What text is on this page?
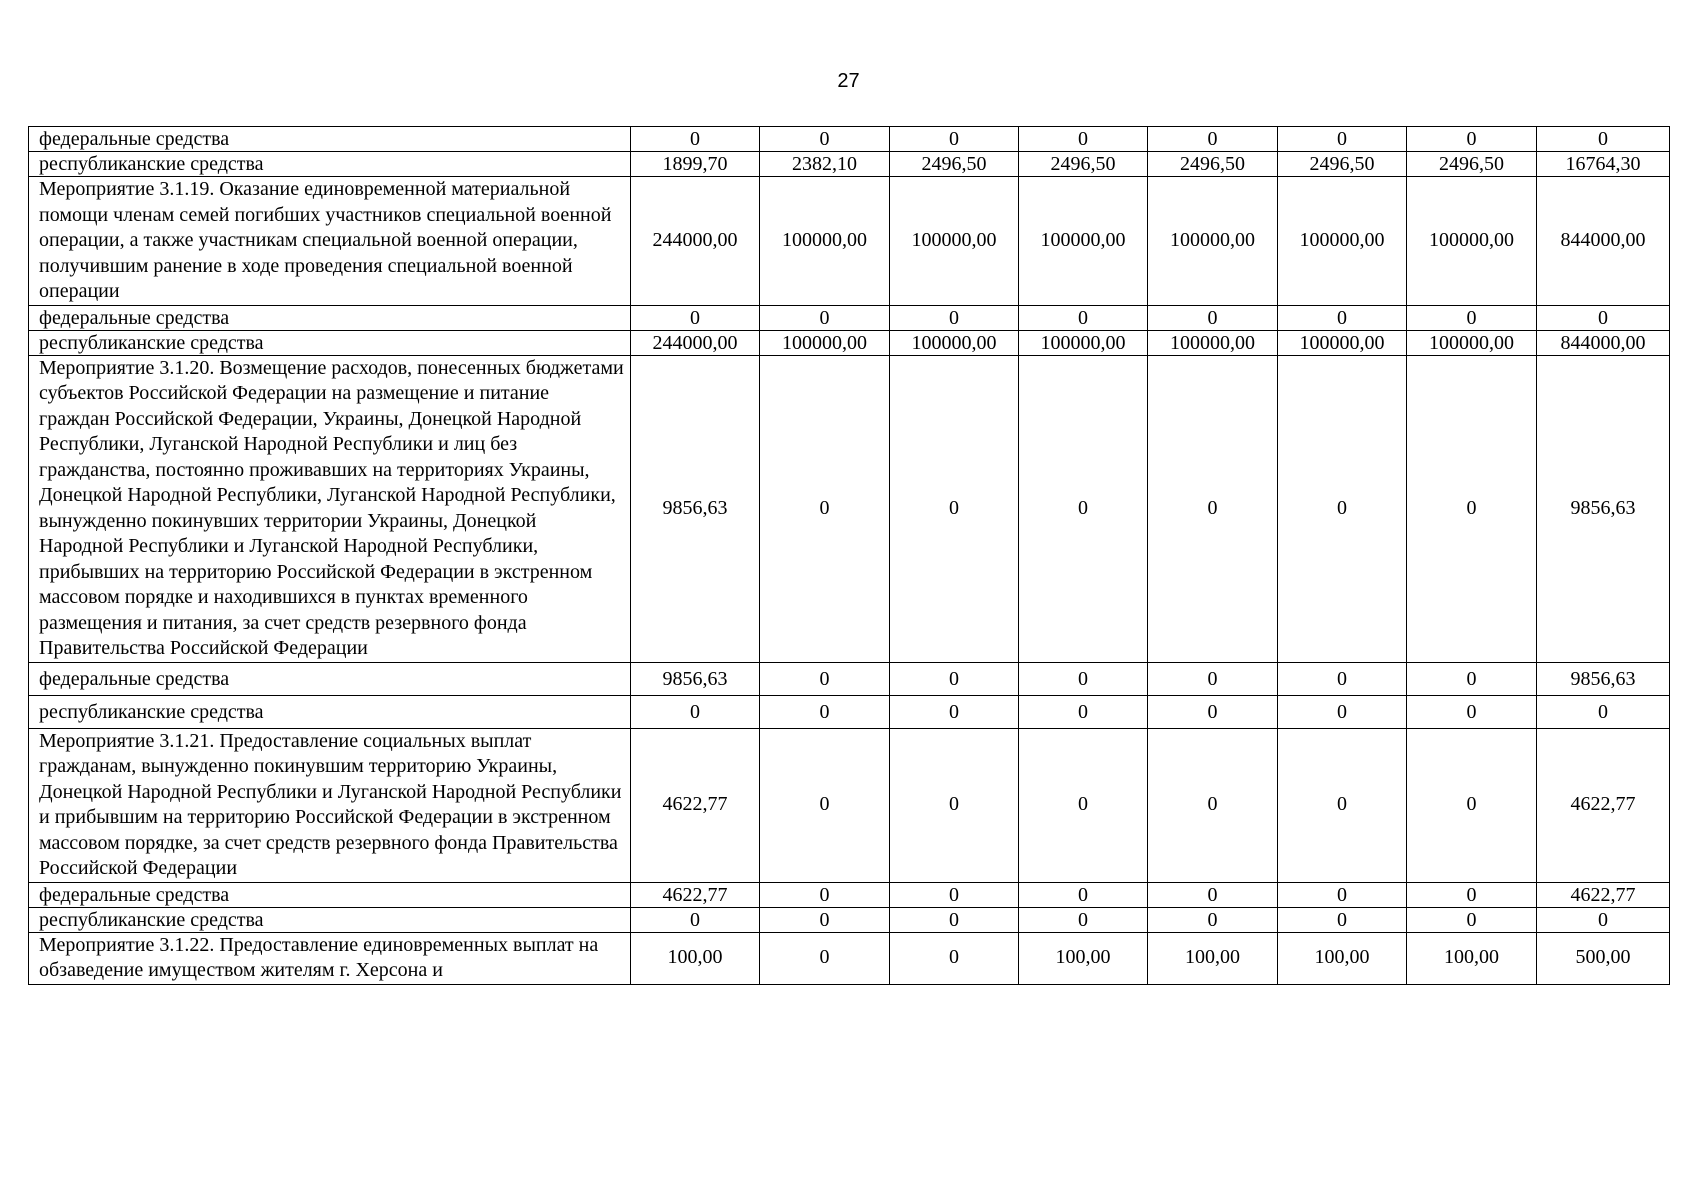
27
федеральные средства	0	0	0	0	0	0	0	0
республиканские средства	1899,70	2382,10	2496,50	2496,50	2496,50	2496,50	2496,50	16764,30
Мероприятие 3.1.19. Оказание единовременной материальной помощи членам семей погибших участников специальной военной операции, а также участникам специальной военной операции, получившим ранение в ходе проведения специальной военной операции	244000,00	100000,00	100000,00	100000,00	100000,00	100000,00	100000,00	844000,00
федеральные средства	0	0	0	0	0	0	0	0
республиканские средства	244000,00	100000,00	100000,00	100000,00	100000,00	100000,00	100000,00	844000,00
Мероприятие 3.1.20. Возмещение расходов, понесенных бюджетами субъектов Российской Федерации на размещение и питание граждан Российской Федерации, Украины, Донецкой Народной Республики, Луганской Народной Республики и лиц без гражданства, постоянно проживавших на территориях Украины, Донецкой Народной Республики, Луганской Народной Республики, вынужденно покинувших территории Украины, Донецкой Народной Республики и Луганской Народной Республики, прибывших на территорию Российской Федерации в экстренном массовом порядке и находившихся в пунктах временного размещения и питания, за счет средств резервного фонда Правительства Российской Федерации	9856,63	0	0	0	0	0	0	9856,63
федеральные средства	9856,63	0	0	0	0	0	0	9856,63
республиканские средства	0	0	0	0	0	0	0	0
Мероприятие 3.1.21. Предоставление социальных выплат гражданам, вынужденно покинувшим территорию Украины, Донецкой Народной Республики и Луганской Народной Республики и прибывшим на территорию Российской Федерации в экстренном массовом порядке, за счет средств резервного фонда Правительства Российской Федерации	4622,77	0	0	0	0	0	0	4622,77
федеральные средства	4622,77	0	0	0	0	0	0	4622,77
республиканские средства	0	0	0	0	0	0	0	0
Мероприятие 3.1.22. Предоставление единовременных выплат на обзаведение имуществом жителям г. Херсона и	100,00	0	0	100,00	100,00	100,00	100,00	500,00
